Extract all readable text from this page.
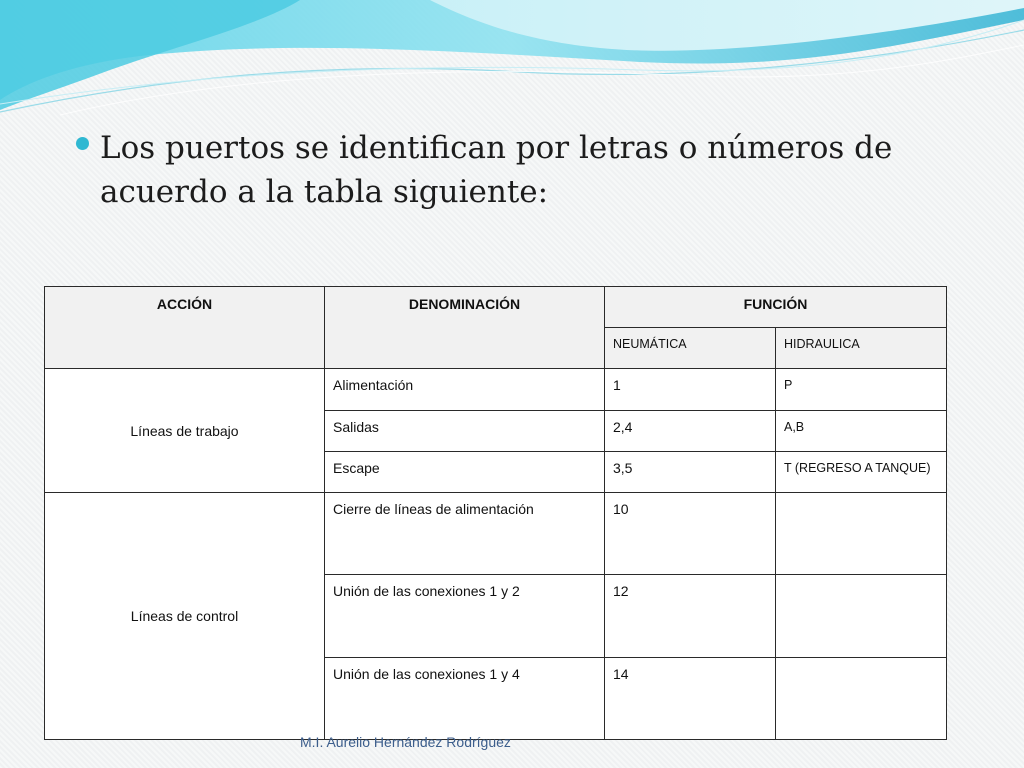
Los puertos se identifican por letras o números de acuerdo a la tabla siguiente:
ACCIÓN	DENOMINACIÓN	FUNCIÓN	
		NEUMÁTICA	HIDRAULICA
Líneas de trabajo	Alimentación	1	P
	Salidas	2,4	A,B
	Escape	3,5	T (REGRESO A TANQUE)
Líneas de control	Cierre de líneas de alimentación	10	
	Unión de las conexiones 1 y 2	12	
	Unión de las conexiones 1 y 4	14	
M.I. Aurelio Hernández Rodríguez
